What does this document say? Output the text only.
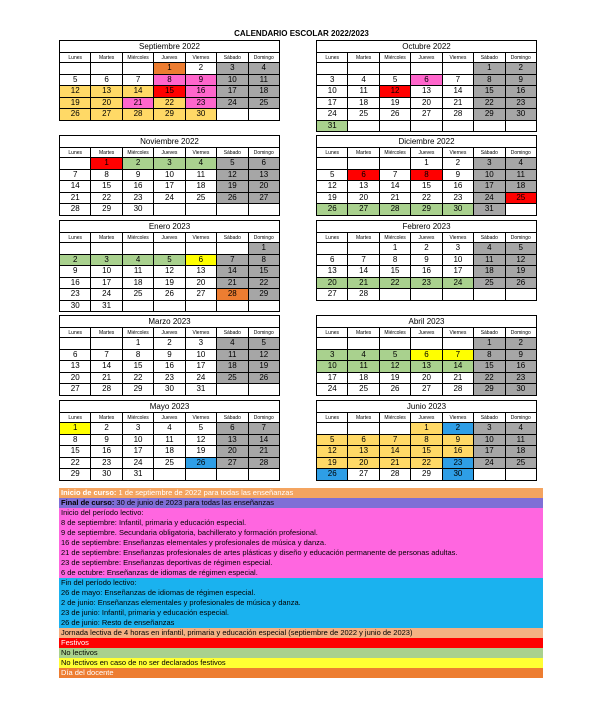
CALENDARIO ESCOLAR 2022/2023
Septiembre 2022						
Lunes	Martes	Miércoles	Jueves	Viernes	Sábado	Domingo
			1	2	3	4
5	6	7	8	9	10	11
12	13	14	15	16	17	18
19	20	21	22	23	24	25
26	27	28	29	30		
Octubre 2022						
Lunes	Martes	Miércoles	Jueves	Viernes	Sábado	Domingo
					1	2
3	4	5	6	7	8	9
10	11	12	13	14	15	16
17	18	19	20	21	22	23
24	25	26	27	28	29	30
31						
Noviembre 2022						
Lunes	Martes	Miércoles	Jueves	Viernes	Sábado	Domingo
	1	2	3	4	5	6
7	8	9	10	11	12	13
14	15	16	17	18	19	20
21	22	23	24	25	26	27
28	29	30				
Diciembre 2022						
Lunes	Martes	Miércoles	Jueves	Viernes	Sábado	Domingo
			1	2	3	4
5	6	7	8	9	10	11
12	13	14	15	16	17	18
19	20	21	22	23	24	25
26	27	28	29	30	31	
Enero 2023						
Lunes	Martes	Miércoles	Jueves	Viernes	Sábado	Domingo
						1
2	3	4	5	6	7	8
9	10	11	12	13	14	15
16	17	18	19	20	21	22
23	24	25	26	27	28	29
30	31					
Febrero 2023						
Lunes	Martes	Miércoles	Jueves	Viernes	Sábado	Domingo
		1	2	3	4	5
6	7	8	9	10	11	12
13	14	15	16	17	18	19
20	21	22	23	24	25	26
27	28					
Marzo 2023						
Lunes	Martes	Miércoles	Jueves	Viernes	Sábado	Domingo
		1	2	3	4	5
6	7	8	9	10	11	12
13	14	15	16	17	18	19
20	21	22	23	24	25	26
27	28	29	30	31		
Abril 2023						
Lunes	Martes	Miércoles	Jueves	Viernes	Sábado	Domingo
					1	2
3	4	5	6	7	8	9
10	11	12	13	14	15	16
17	18	19	20	21	22	23
24	25	26	27	28	29	30
Mayo 2023						
Lunes	Martes	Miércoles	Jueves	Viernes	Sábado	Domingo
1	2	3	4	5	6	7
8	9	10	11	12	13	14
15	16	17	18	19	20	21
22	23	24	25	26	27	28
29	30	31				
Junio 2023						
Lunes	Martes	Miércoles	Jueves	Viernes	Sábado	Domingo
			1	2	3	4
5	6	7	8	9	10	11
12	13	14	15	16	17	18
19	20	21	22	23	24	25
26	27	28	29	30		
Inicio de curso: 1 de septiembre de 2022 para todas las enseñanzas
Final de curso: 30 de junio de 2023 para todas las enseñanzas
Inicio del período lectivo:
8 de septiembre: Infantil, primaria y educación especial.
9 de septiembre. Secundaria obligatoria, bachillerato y formación profesional.
16 de septiembre: Enseñanzas elementales y profesionales de música y danza.
21 de septiembre: Enseñanzas profesionales de artes plásticas y diseño y educación permanente de personas adultas.
23 de septiembre: Enseñanzas deportivas de régimen especial.
6 de octubre: Enseñanzas de idiomas de régimen especial.
Fin del período lectivo:
26 de mayo: Enseñanzas de idiomas de régimen especial.
2 de junio: Enseñanzas elementales y profesionales de música y danza.
23 de junio: Infantil, primaria y educación especial.
26 de junio: Resto de enseñanzas
Jornada lectiva de 4 horas en infantil, primaria y educación especial (septiembre de 2022 y junio de 2023)
Festivos
No lectivos
No lectivos en caso de no ser declarados festivos
Día del docente
